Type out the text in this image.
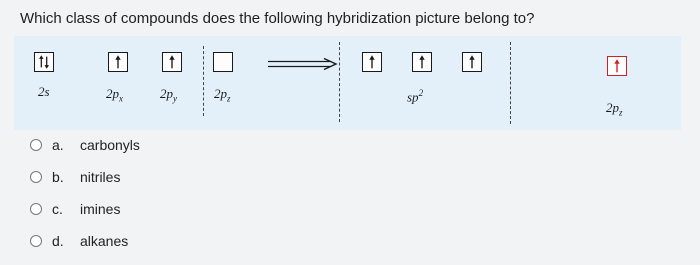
Which class of compounds does the following hybridization picture belong to?
2s	$2p_x$	$2p_y$	$2p_z$	$sp^2$
$2p_z$
a. carbonyls
b. nitriles
c. imines
d. alkanes
